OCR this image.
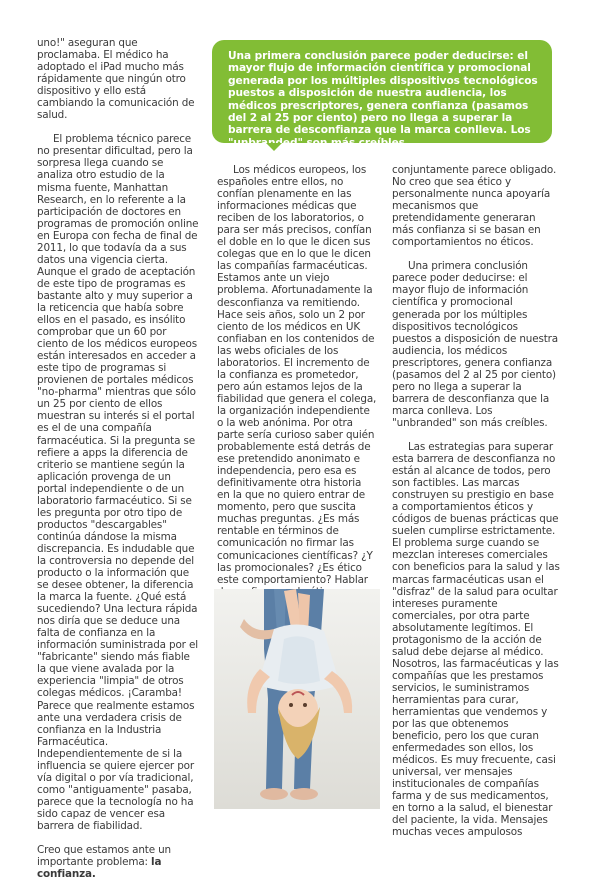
uno!" aseguran que proclamaba. El médico ha adoptado el iPad mucho más rápidamente que ningún otro dispositivo y ello está cambiando la comunicación de salud.

El problema técnico parece no presentar dificultad, pero la sorpresa llega cuando se analiza otro estudio de la misma fuente, Manhattan Research, en lo referente a la participación de doctores en programas de promoción online en Europa con fecha de final de 2011, lo que todavía da a sus datos una vigencia cierta. Aunque el grado de aceptación de este tipo de programas es bastante alto y muy superior a la reticencia que había sobre ellos en el pasado, es insólito comprobar que un 60 por ciento de los médicos europeos están interesados en acceder a este tipo de programas si provienen de portales médicos "no-pharma" mientras que sólo un 25 por ciento de ellos muestran su interés si el portal es el de una compañía farmacéutica. Si la pregunta se refiere a apps la diferencia de criterio se mantiene según la aplicación provenga de un portal independiente o de un laboratorio farmacéutico. Si se les pregunta por otro tipo de productos "descargables" continúa dándose la misma discrepancia. Es indudable que la controversia no depende del producto o la información que se desee obtener, la diferencia la marca la fuente. ¿Qué está sucediendo? Una lectura rápida nos diría que se deduce una falta de confianza en la información suministrada por el "fabricante" siendo más fiable la que viene avalada por la experiencia "limpia" de otros colegas médicos. ¡Caramba! Parece que realmente estamos ante una verdadera crisis de confianza en la Industria Farmacéutica. Independientemente de si la influencia se quiere ejercer por vía digital o por vía tradicional, como "antiguamente" pasaba, parece que la tecnología no ha sido capaz de vencer esa barrera de fiabilidad.

Creo que estamos ante un importante problema: la confianza.

Una primera conclusión parece poder deducirse: el mayor flujo de información científica y promocional generada por los múltiples dispositivos tecnológicos puestos a disposición de nuestra audiencia, los médicos prescriptores, genera confianza (pasamos del 2 al 25 por ciento) pero no llega a superar la barrera de desconfianza que la marca conlleva. Los "unbranded" son más creíbles.

Los médicos europeos, los españoles entre ellos, no confían plenamente en las informaciones médicas que reciben de los laboratorios, o para ser más precisos, confían el doble en lo que le dicen sus colegas que en lo que le dicen las compañías farmacéuticas. Estamos ante un viejo problema. Afortunadamente la desconfianza va remitiendo. Hace seis años, solo un 2 por ciento de los médicos en UK confiaban en los contenidos de las webs oficiales de los laboratorios. El incremento de la confianza es prometedor, pero aún estamos lejos de la fiabilidad que genera el colega, la organización independiente o la web anónima. Por otra parte sería curioso saber quién probablemente está detrás de ese pretendido anonimato e independencia, pero esa es definitivamente otra historia en la que no quiero entrar de momento, pero que suscita muchas preguntas. ¿Es más rentable en términos de comunicación no firmar las comunicaciones científicas? ¿Y las promocionales? ¿Es ético este comportamiento? Hablar

conjuntamente parece obligado. No creo que sea ético y personalmente nunca apoyaría mecanismos que pretendidamente generaran más confianza si se basan en comportamientos no éticos.

Una primera conclusión parece poder deducirse: el mayor flujo de información científica y promocional generada por los múltiples dispositivos tecnológicos puestos a disposición de nuestra audiencia, los médicos prescriptores, genera confianza (pasamos del 2 al 25 por ciento) pero no llega a superar la barrera de desconfianza que la marca conlleva. Los "unbranded" son más creíbles.

Las estrategias para superar esta barrera de desconfianza no están al alcance de todos, pero son factibles. Las marcas construyen su prestigio en base a comportamientos éticos y códigos de buenas prácticas que suelen cumplirse estrictamente. El problema surge cuando se mezclan intereses comerciales con beneficios para la salud y las marcas farmacéuticas usan el "disfraz" de la salud para ocultar intereses puramente comerciales, por otra parte absolutamente legítimos. El protagonismo de la acción de salud debe dejarse al médico. Nosotros, las farmacéuticas y las compañías que les prestamos servicios, le suministramos herramientas para curar, herramientas que vendemos y por las que obtenemos beneficio, pero los que curan enfermedades son ellos, los médicos. Es muy frecuente, casi universal, ver mensajes institucionales de compañías farma y de sus medicamentos, en torno a la salud, el bienestar del paciente, la vida. Mensajes muchas veces ampulosos
